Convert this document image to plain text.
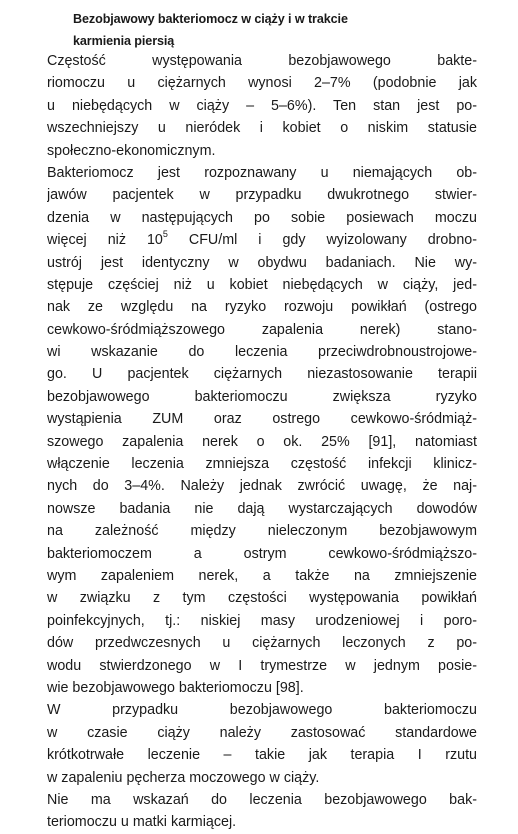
Bezobjawowy bakteriomocz w ciąży i w trakcie
karmienia piersią
Częstość występowania bezobjawowego bakte-
riomoczu u ciężarnych wynosi 2–7% (podobnie jak
u niebędących w ciąży – 5–6%). Ten stan jest po-
wszechniejszy u nieródek i kobiet o niskim statusie
społeczno-ekonomicznym.
Bakteriomocz jest rozpoznawany u niemających ob-
jawów pacjentek w przypadku dwukrotnego stwier-
dzenia w następujących po sobie posiewach moczu
więcej niż $10^5$ CFU/ml i gdy wyizolowany drobno-
ustrój jest identyczny w obydwu badaniach. Nie wy-
stępuje częściej niż u kobiet niebędących w ciąży, jed-
nak ze względu na ryzyko rozwoju powikłań (ostrego
cewkowo-śródmiąższowego zapalenia nerek) stano-
wi wskazanie do leczenia przeciwdrobnoustrojowe-
go. U pacjentek ciężarnych niezastosowanie terapii
bezobjawowego bakteriomoczu zwiększa ryzyko
wystąpienia ZUM oraz ostrego cewkowo-śródmiąż-
szowego zapalenia nerek o ok. 25% [91], natomiast
włączenie leczenia zmniejsza częstość infekcji klinicz-
nych do 3–4%. Należy jednak zwrócić uwagę, że naj-
nowsze badania nie dają wystarczających dowodów
na zależność między nieleczonym bezobjawowym
bakteriomoczem a ostrym cewkowo-śródmiąższo-
wym zapaleniem nerek, a także na zmniejszenie
w związku z tym częstości występowania powikłań
poinfekcyjnych, tj.: niskiej masy urodzeniowej i poro-
dów przedwczesnych u ciężarnych leczonych z po-
wodu stwierdzonego w I trymestrze w jednym posie-
wie bezobjawowego bakteriomoczu [98].
W przypadku bezobjawowego bakteriomoczu
w czasie ciąży należy zastosować standardowe
krótkotrwałe leczenie – takie jak terapia I rzutu
w zapaleniu pęcherza moczowego w ciąży.
Nie ma wskazań do leczenia bezobjawowego bak-
teriomoczu u matki karmiącej.
